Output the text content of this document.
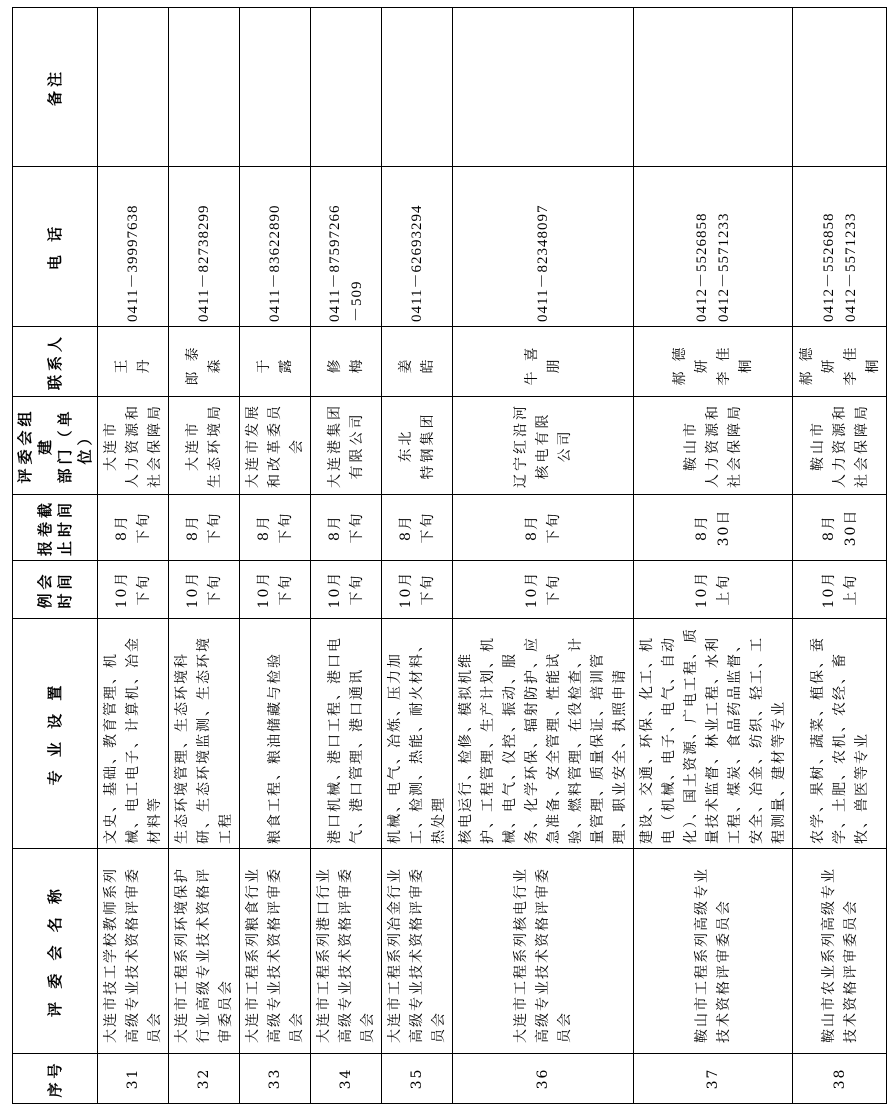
序号	评 委 会 名 称	专 业 设 置	例会
时间	报卷截
止时间	评委会组建
部门（单位）	联系人	电 话	备注
31	大连市技工学校教师系列高级专业技术资格评审委员会	文史、基础、教育管理、机械、电工电子、计算机、冶金材料等	10月
下旬	8月
下旬	大连市
人力资源和
社会保障局	王 丹	0411－39997638	
32	大连市工程系列环境保护行业高级专业技术资格评审委员会	生态环境管理、生态环境科研、生态环境监测、生态环境工程	10月
下旬	8月
下旬	大连市
生态环境局	郎泰森	0411－82738299	
33	大连市工程系列粮食行业高级专业技术资格评审委员会	粮食工程、粮油储藏与检验	10月
下旬	8月
下旬	大连市发展
和改革委员会	于 露	0411－83622890	
34	大连市工程系列港口行业高级专业技术资格评审委员会	港口机械、港口工程、港口电气、港口管理、港口通讯	10月
下旬	8月
下旬	大连港集团
有限公司	修 梅	0411－87597266
－509	
35	大连市工程系列冶金行业高级专业技术资格评审委员会	机械、电气、冶炼、压力加工、检测、热能、耐火材料、热处理	10月
下旬	8月
下旬	东北
特钢集团	姜 皓	0411－62693294	
36	大连市工程系列核电行业高级专业技术资格评审委员会	核电运行、检修、模拟机维护、工程管理、生产计划、机械、电气、仪控、振动、服务、化学环保、辐射防护、应急准备、安全管理、性能试验、燃料管理、在役检查、计量管理、质量保证、培训管理、职业安全、执照申请	10月
下旬	8月
下旬	辽宁红沿河
核电有限
公司	牛喜朋	0411－82348097	
37	鞍山市工程系列高级专业技术资格评审委员会	建设、交通、环保、化工、机电（机械、电子、电气、自动化）、国土资源、广电工程、质量技术监督、林业工程、水利工程、煤炭、食品药品监督、安全、冶金、纺织、轻工、工程测量、建材等专业	10月
上旬	8月
30日	鞍山市
人力资源和
社会保障局	郝德妍
李佳桐	0412－5526858
0412－5571233	
38	鞍山市农业系列高级专业技术资格评审委员会	农学、果树、蔬菜、植保、蚕学、土肥、农机、农经、畜牧、兽医等专业	10月
上旬	8月
30日	鞍山市
人力资源和
社会保障局	郝德妍
李佳桐	0412－5526858
0412－5571233	
